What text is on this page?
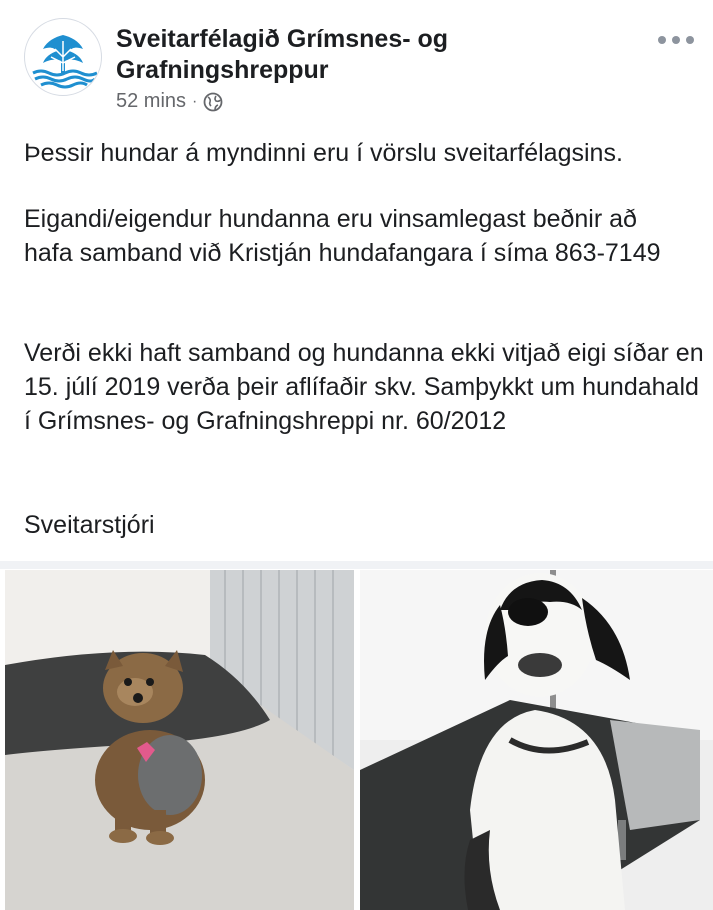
Sveitarfélagið Grímsnes- og Grafningshreppur
52 mins ·

Þessir hundar á myndinni eru í vörslu sveitarfélagsins.

Eigandi/eigendur hundanna eru vinsamlegast beðnir að hafa samband við Kristján hundafangara í síma 863-7149

Verði ekki haft samband og hundanna ekki vitjað eigi síðar en 15. júlí 2019 verða þeir aflífaðir skv. Samþykkt um hundahald í Grímsnes- og Grafningshreppi nr. 60/2012

Sveitarstjóri
